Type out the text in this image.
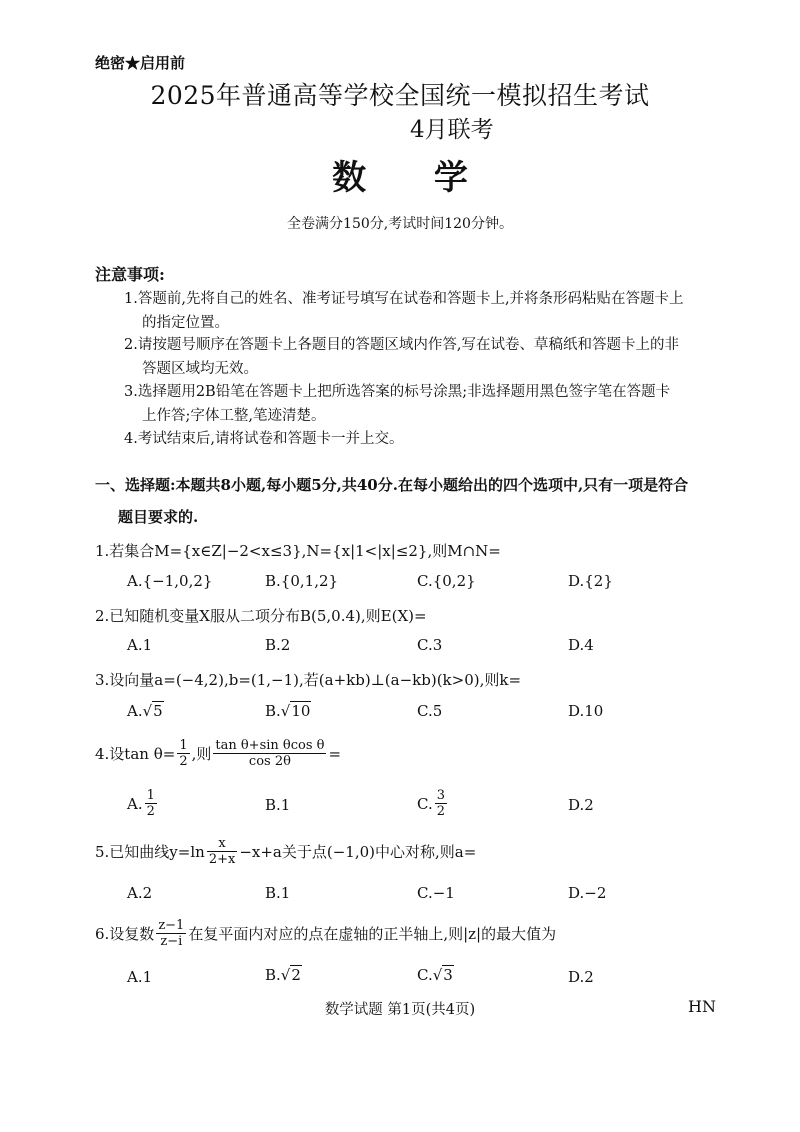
绝密★启用前
2025年普通高等学校全国统一模拟招生考试
4月联考
数 学
全卷满分150分,考试时间120分钟。
注意事项:
1.答题前,先将自己的姓名、准考证号填写在试卷和答题卡上,并将条形码粘贴在答题卡上
的指定位置。
2.请按题号顺序在答题卡上各题目的答题区域内作答,写在试卷、草稿纸和答题卡上的非
答题区域均无效。
3.选择题用2B铅笔在答题卡上把所选答案的标号涂黑;非选择题用黑色签字笔在答题卡
上作答;字体工整,笔迹清楚。
4.考试结束后,请将试卷和答题卡一并上交。
一、选择题:本题共8小题,每小题5分,共40分.在每小题给出的四个选项中,只有一项是符合
题目要求的.
1.若集合M={x∈Z|−2<x≤3},N={x|1<|x|≤2},则M∩N=
A.{−1,0,2}	B.{0,1,2}	C.{0,2}	D.{2}
2.已知随机变量X服从二项分布B(5,0.4),则E(X)=
A.1	B.2	C.3	D.4
3.设向量a=(−4,2),b=(1,−1),若(a+kb)⊥(a−kb)(k>0),则k=
A.√5	B.√10	C.5	D.10
4.设$\tan \theta= \frac{1}{2}$ ,则 $\frac{\text{tan θ+sin θcos θ}}{\cos 2\theta}$ =
A. $\frac{1}{2}$	B.1	C. $\frac{3}{2}$	D.2
5.已知曲线$y=\ln \frac{x}{2+x} -x+a$关于点(−1,0)中心对称,则a=
A.2	B.1	C.−1	D.−2
6.设复数 $\frac{z-1}{z-i}$ 在复平面内对应的点在虚轴的正半轴上,则|z|的最大值为
A.1	B.√2	C.√3	D.2
数学试题 第1页(共4页)	HN
